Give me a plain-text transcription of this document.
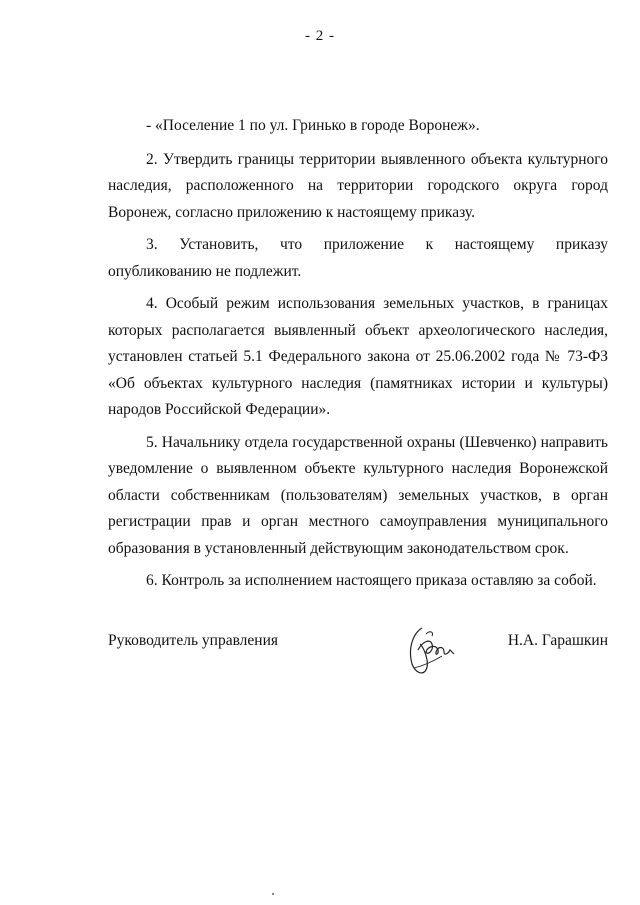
- 2 -

- «Поселение 1 по ул. Гринько в городе Воронеж».

2. Утвердить границы территории выявленного объекта культурного наследия, расположенного на территории городского округа город Воронеж, согласно приложению к настоящему приказу.

3. Установить, что приложение к настоящему приказу опубликованию не подлежит.

4. Особый режим использования земельных участков, в границах которых располагается выявленный объект археологического наследия, установлен статьей 5.1 Федерального закона от 25.06.2002 года № 73-ФЗ «Об объектах культурного наследия (памятниках истории и культуры) народов Российской Федерации».

5. Начальнику отдела государственной охраны (Шевченко) направить уведомление о выявленном объекте культурного наследия Воронежской области собственникам (пользователям) земельных участков, в орган регистрации прав и орган местного самоуправления муниципального образования в установленный действующим законодательством срок.

6. Контроль за исполнением настоящего приказа оставляю за собой.

Руководитель управления	Н.А. Гарашкин
